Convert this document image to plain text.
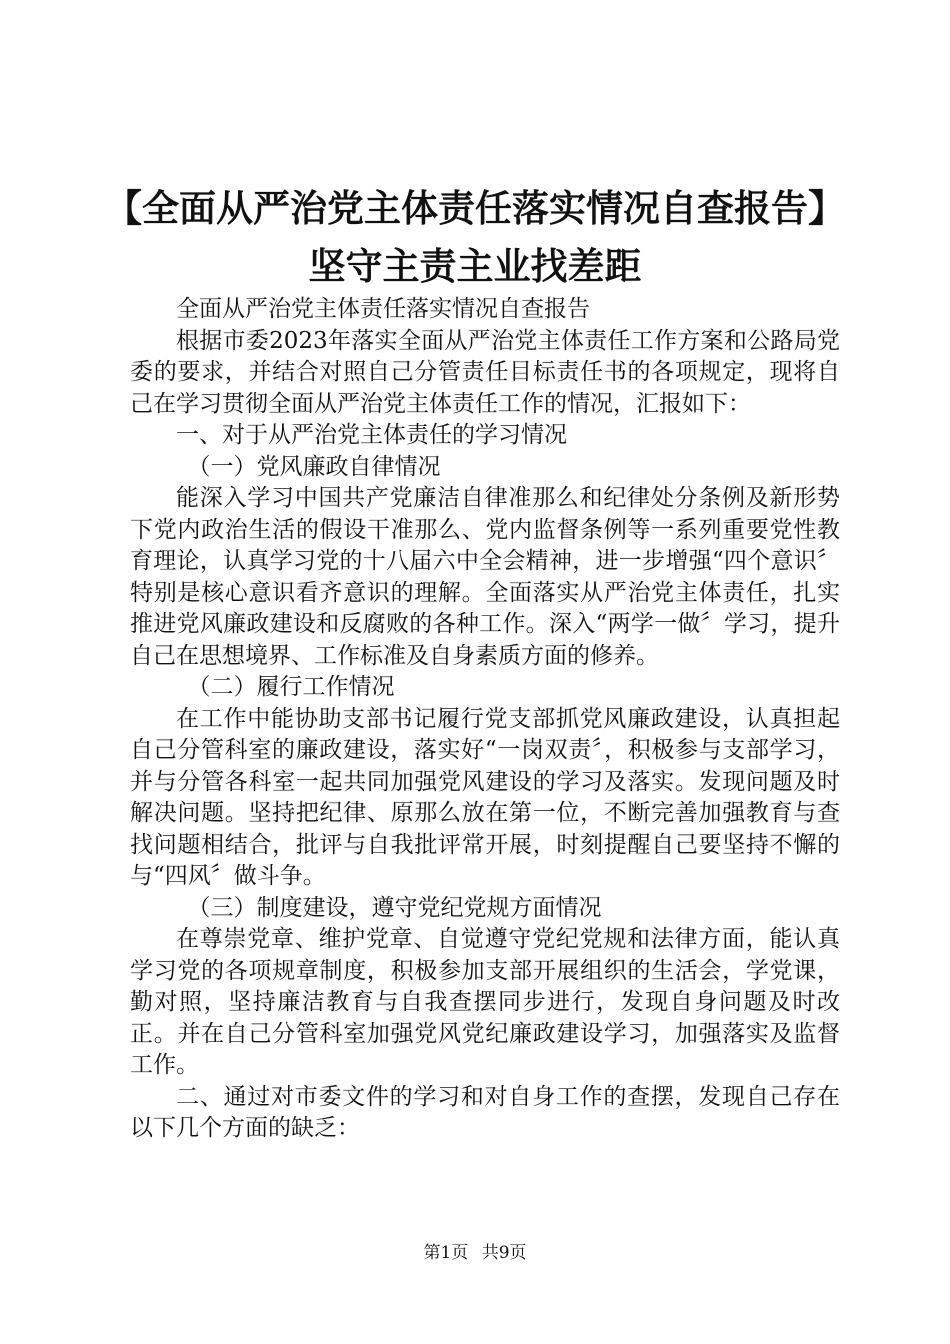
【全面从严治党主体责任落实情况自查报告】
坚守主责主业找差距

全面从严治党主体责任落实情况自查报告

根据市委2023年落实全面从严治党主体责任工作方案和公路局党委的要求，并结合对照自己分管责任目标责任书的各项规定，现将自己在学习贯彻全面从严治党主体责任工作的情况，汇报如下：

一、对于从严治党主体责任的学习情况

（一）党风廉政自律情况

能深入学习中国共产党廉洁自律准那么和纪律处分条例及新形势下党内政治生活的假设干准那么、党内监督条例等一系列重要党性教育理论，认真学习党的十八届六中全会精神，进一步增强“四个意识〞特别是核心意识看齐意识的理解。全面落实从严治党主体责任，扎实推进党风廉政建设和反腐败的各种工作。深入“两学一做〞学习，提升自己在思想境界、工作标准及自身素质方面的修养。

（二）履行工作情况

在工作中能协助支部书记履行党支部抓党风廉政建设，认真担起自己分管科室的廉政建设，落实好“一岗双责〞，积极参与支部学习，并与分管各科室一起共同加强党风建设的学习及落实。发现问题及时解决问题。坚持把纪律、原那么放在第一位，不断完善加强教育与查找问题相结合，批评与自我批评常开展，时刻提醒自己要坚持不懈的与“四风〞做斗争。

（三）制度建设，遵守党纪党规方面情况

在尊崇党章、维护党章、自觉遵守党纪党规和法律方面，能认真学习党的各项规章制度，积极参加支部开展组织的生活会，学党课，勤对照，坚持廉洁教育与自我查摆同步进行，发现自身问题及时改正。并在自己分管科室加强党风党纪廉政建设学习，加强落实及监督工作。

二、通过对市委文件的学习和对自身工作的查摆，发现自己存在以下几个方面的缺乏：

第1页 共9页
